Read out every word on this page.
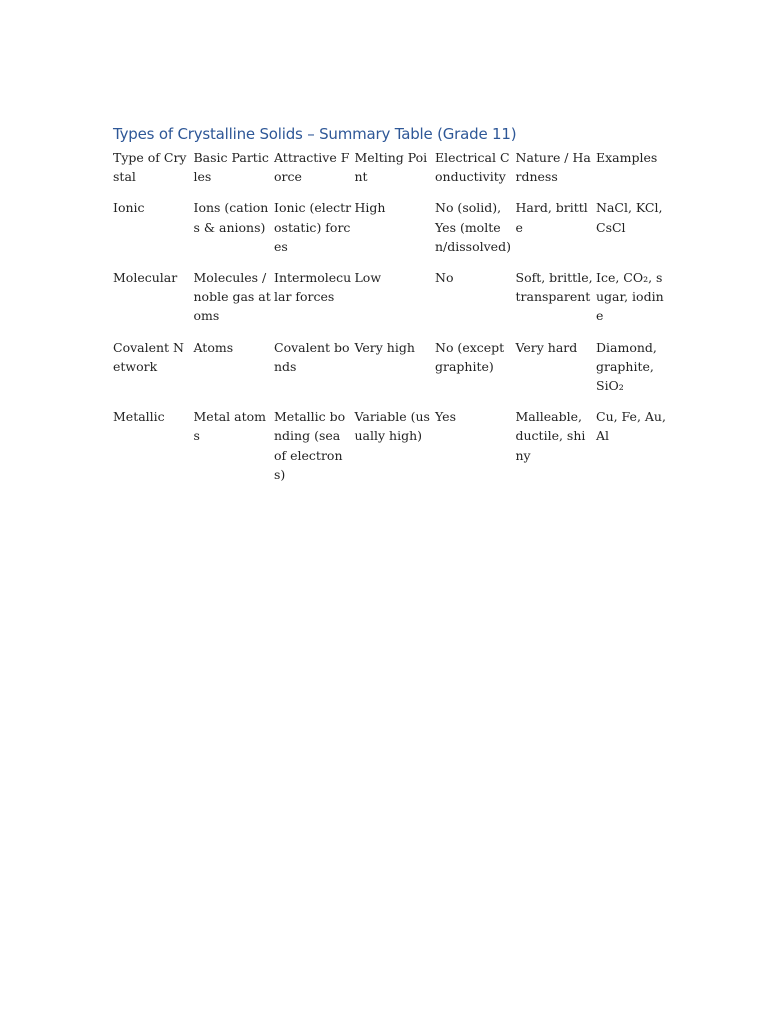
Types of Crystalline Solids – Summary Table (Grade 11)
Type of Crystal	Basic Particles	Attractive Force	Melting Point	Electrical Conductivity	Nature / Hardness	Examples
Ionic	Ions (cations & anions)	Ionic (electrostatic) forces	High	No (solid), Yes (molten/dissolved)	Hard, brittle	NaCl, KCl, CsCl
Molecular	Molecules / noble gas atoms	Intermolecular forces	Low	No	Soft, brittle, transparent	Ice, CO₂, sugar, iodine
Covalent Network	Atoms	Covalent bonds	Very high	No (except graphite)	Very hard	Diamond, graphite, SiO₂
Metallic	Metal atoms	Metallic bonding (sea of electrons)	Variable (usually high)	Yes	Malleable, ductile, shiny	Cu, Fe, Au, Al
